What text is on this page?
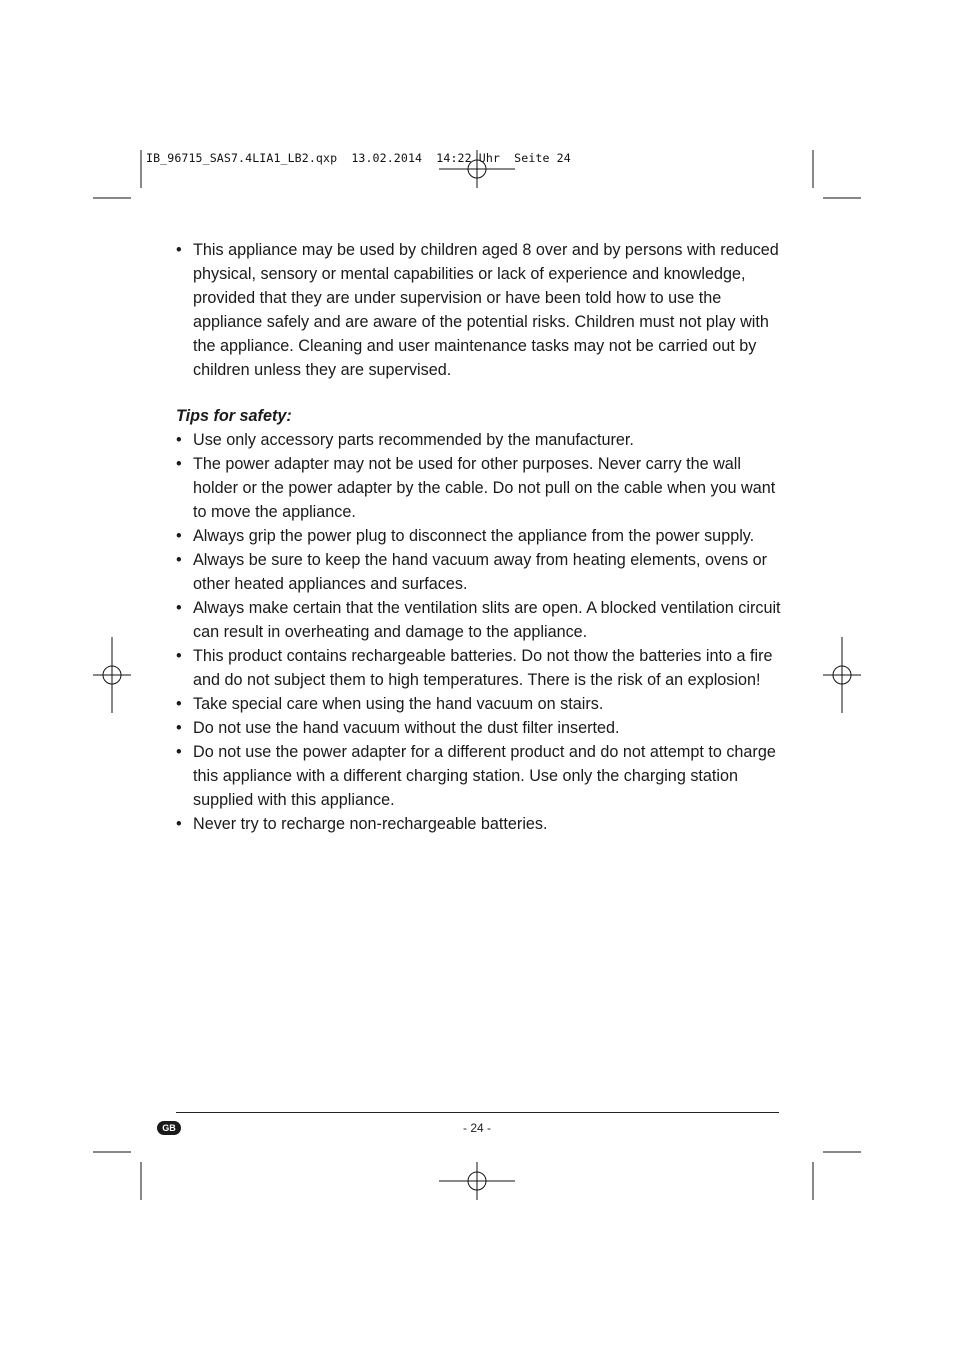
IB_96715_SAS7.4LIA1_LB2.qxp  13.02.2014  14:22 Uhr  Seite 24
• This appliance may be used by children aged 8 over and by persons with reduced physical, sensory or mental capabilities or lack of experience and knowledge, provided that they are under supervision or have been told how to use the appliance safely and are aware of the potential risks. Children must not play with the appliance. Cleaning and user maintenance tasks may not be carried out by children unless they are supervised.
Tips for safety:
• Use only accessory parts recommended by the manufacturer.
• The power adapter may not be used for other purposes. Never carry the wall holder or the power adapter by the cable. Do not pull on the cable when you want to move the appliance.
• Always grip the power plug to disconnect the appliance from the power supply.
• Always be sure to keep the hand vacuum away from heating elements, ovens or other heated appliances and surfaces.
• Always make certain that the ventilation slits are open. A blocked ventilation circuit can result in overheating and damage to the appliance.
• This product contains rechargeable batteries. Do not thow the batteries into a fire and do not subject them to high temperatures. There is the risk of an explosion!
• Take special care when using the hand vacuum on stairs.
• Do not use the hand vacuum without the dust filter inserted.
• Do not use the power adapter for a different product and do not attempt to charge this appliance with a different charging station. Use only the charging station supplied with this appliance.
• Never try to recharge non-rechargeable batteries.
GB	- 24 -
